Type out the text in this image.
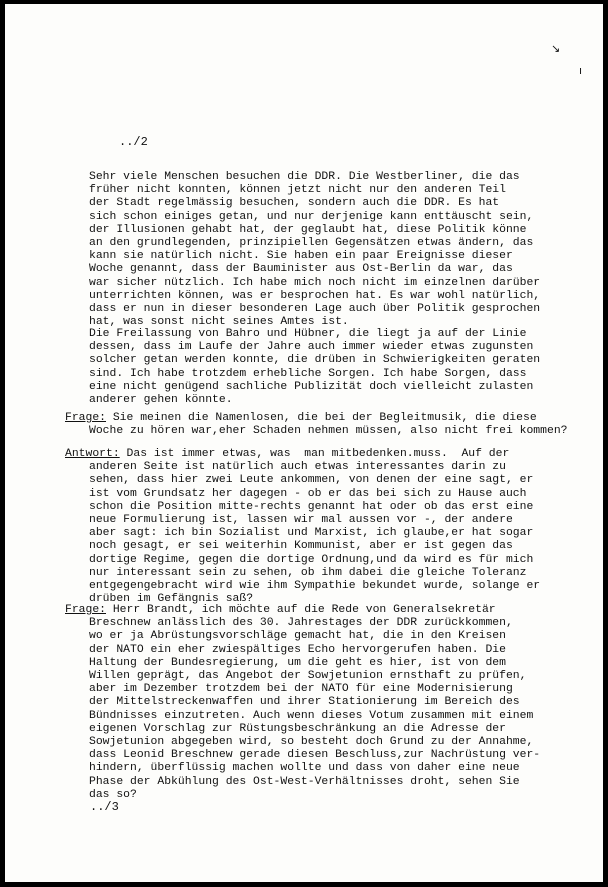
↘
ı
../2
Sehr viele Menschen besuchen die DDR. Die Westberliner, die das
früher nicht konnten, können jetzt nicht nur den anderen Teil
der Stadt regelmässig besuchen, sondern auch die DDR. Es hat
sich schon einiges getan, und nur derjenige kann enttäuscht sein,
der Illusionen gehabt hat, der geglaubt hat, diese Politik könne
an den grundlegenden, prinzipiellen Gegensätzen etwas ändern, das
kann sie natürlich nicht. Sie haben ein paar Ereignisse dieser
Woche genannt, dass der Bauminister aus Ost-Berlin da war, das
war sicher nützlich. Ich habe mich noch nicht im einzelnen darüber
unterrichten können, was er besprochen hat. Es war wohl natürlich,
dass er nun in dieser besonderen Lage auch über Politik gesprochen
hat, was sonst nicht seines Amtes ist.
Die Freilassung von Bahro und Hübner, die liegt ja auf der Linie
dessen, dass im Laufe der Jahre auch immer wieder etwas zugunsten
solcher getan werden konnte, die drüben in Schwierigkeiten geraten
sind. Ich habe trotzdem erhebliche Sorgen. Ich habe Sorgen, dass
eine nicht genügend sachliche Publizität doch vielleicht zulasten
anderer gehen könnte.
Frage: Sie meinen die Namenlosen, die bei der Begleitmusik, die diese
Woche zu hören war,eher Schaden nehmen müssen, also nicht frei kommen?
Antwort: Das ist immer etwas, was  man mitbedenken.muss.  Auf der
anderen Seite ist natürlich auch etwas interessantes darin zu
sehen, dass hier zwei Leute ankommen, von denen der eine sagt, er
ist vom Grundsatz her dagegen - ob er das bei sich zu Hause auch
schon die Position mitte-rechts genannt hat oder ob das erst eine
neue Formulierung ist, lassen wir mal aussen vor -, der andere
aber sagt: ich bin Sozialist und Marxist, ich glaube,er hat sogar
noch gesagt, er sei weiterhin Kommunist, aber er ist gegen das
dortige Regime, gegen die dortige Ordnung,und da wird es für mich
nur interessant sein zu sehen, ob ihm dabei die gleiche Toleranz
entgegengebracht wird wie ihm Sympathie bekundet wurde, solange er
drüben im Gefängnis saß?
Frage: Herr Brandt, ich möchte auf die Rede von Generalsekretär
Breschnew anlässlich des 30. Jahrestages der DDR zurückkommen,
wo er ja Abrüstungsvorschläge gemacht hat, die in den Kreisen
der NATO ein eher zwiespältiges Echo hervorgerufen haben. Die
Haltung der Bundesregierung, um die geht es hier, ist von dem
Willen geprägt, das Angebot der Sowjetunion ernsthaft zu prüfen,
aber im Dezember trotzdem bei der NATO für eine Modernisierung
der Mittelstreckenwaffen und ihrer Stationierung im Bereich des
Bündnisses einzutreten. Auch wenn dieses Votum zusammen mit einem
eigenen Vorschlag zur Rüstungsbeschränkung an die Adresse der
Sowjetunion abgegeben wird, so besteht doch Grund zu der Annahme,
dass Leonid Breschnew gerade diesen Beschluss,zur Nachrüstung ver-
hindern, überflüssig machen wollte und dass von daher eine neue
Phase der Abkühlung des Ost-West-Verhältnisses droht, sehen Sie
das so?
../3
